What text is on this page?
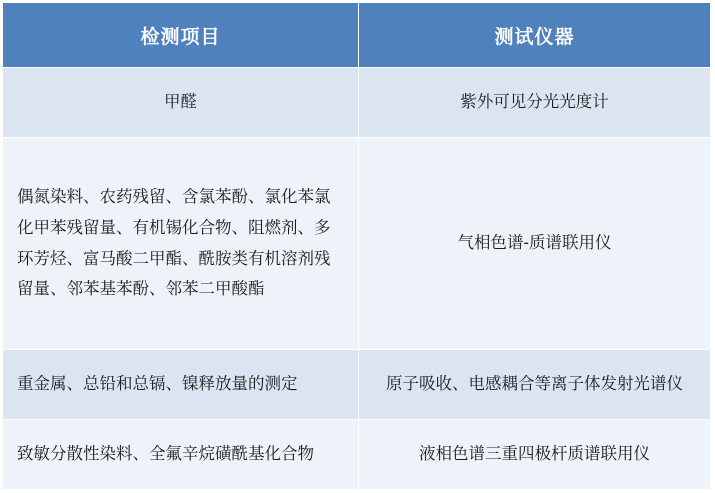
检测项目	测试仪器
甲醛	紫外可见分光光度计
偶氮染料、农药残留、含氯苯酚、氯化苯氯化甲苯残留量、有机锡化合物、阻燃剂、多环芳烃、富马酸二甲酯、酰胺类有机溶剂残留量、邻苯基苯酚、邻苯二甲酸酯	气相色谱-质谱联用仪
重金属、总铅和总镉、镍释放量的测定	原子吸收、电感耦合等离子体发射光谱仪
致敏分散性染料、全氟辛烷磺酰基化合物	液相色谱三重四极杆质谱联用仪
